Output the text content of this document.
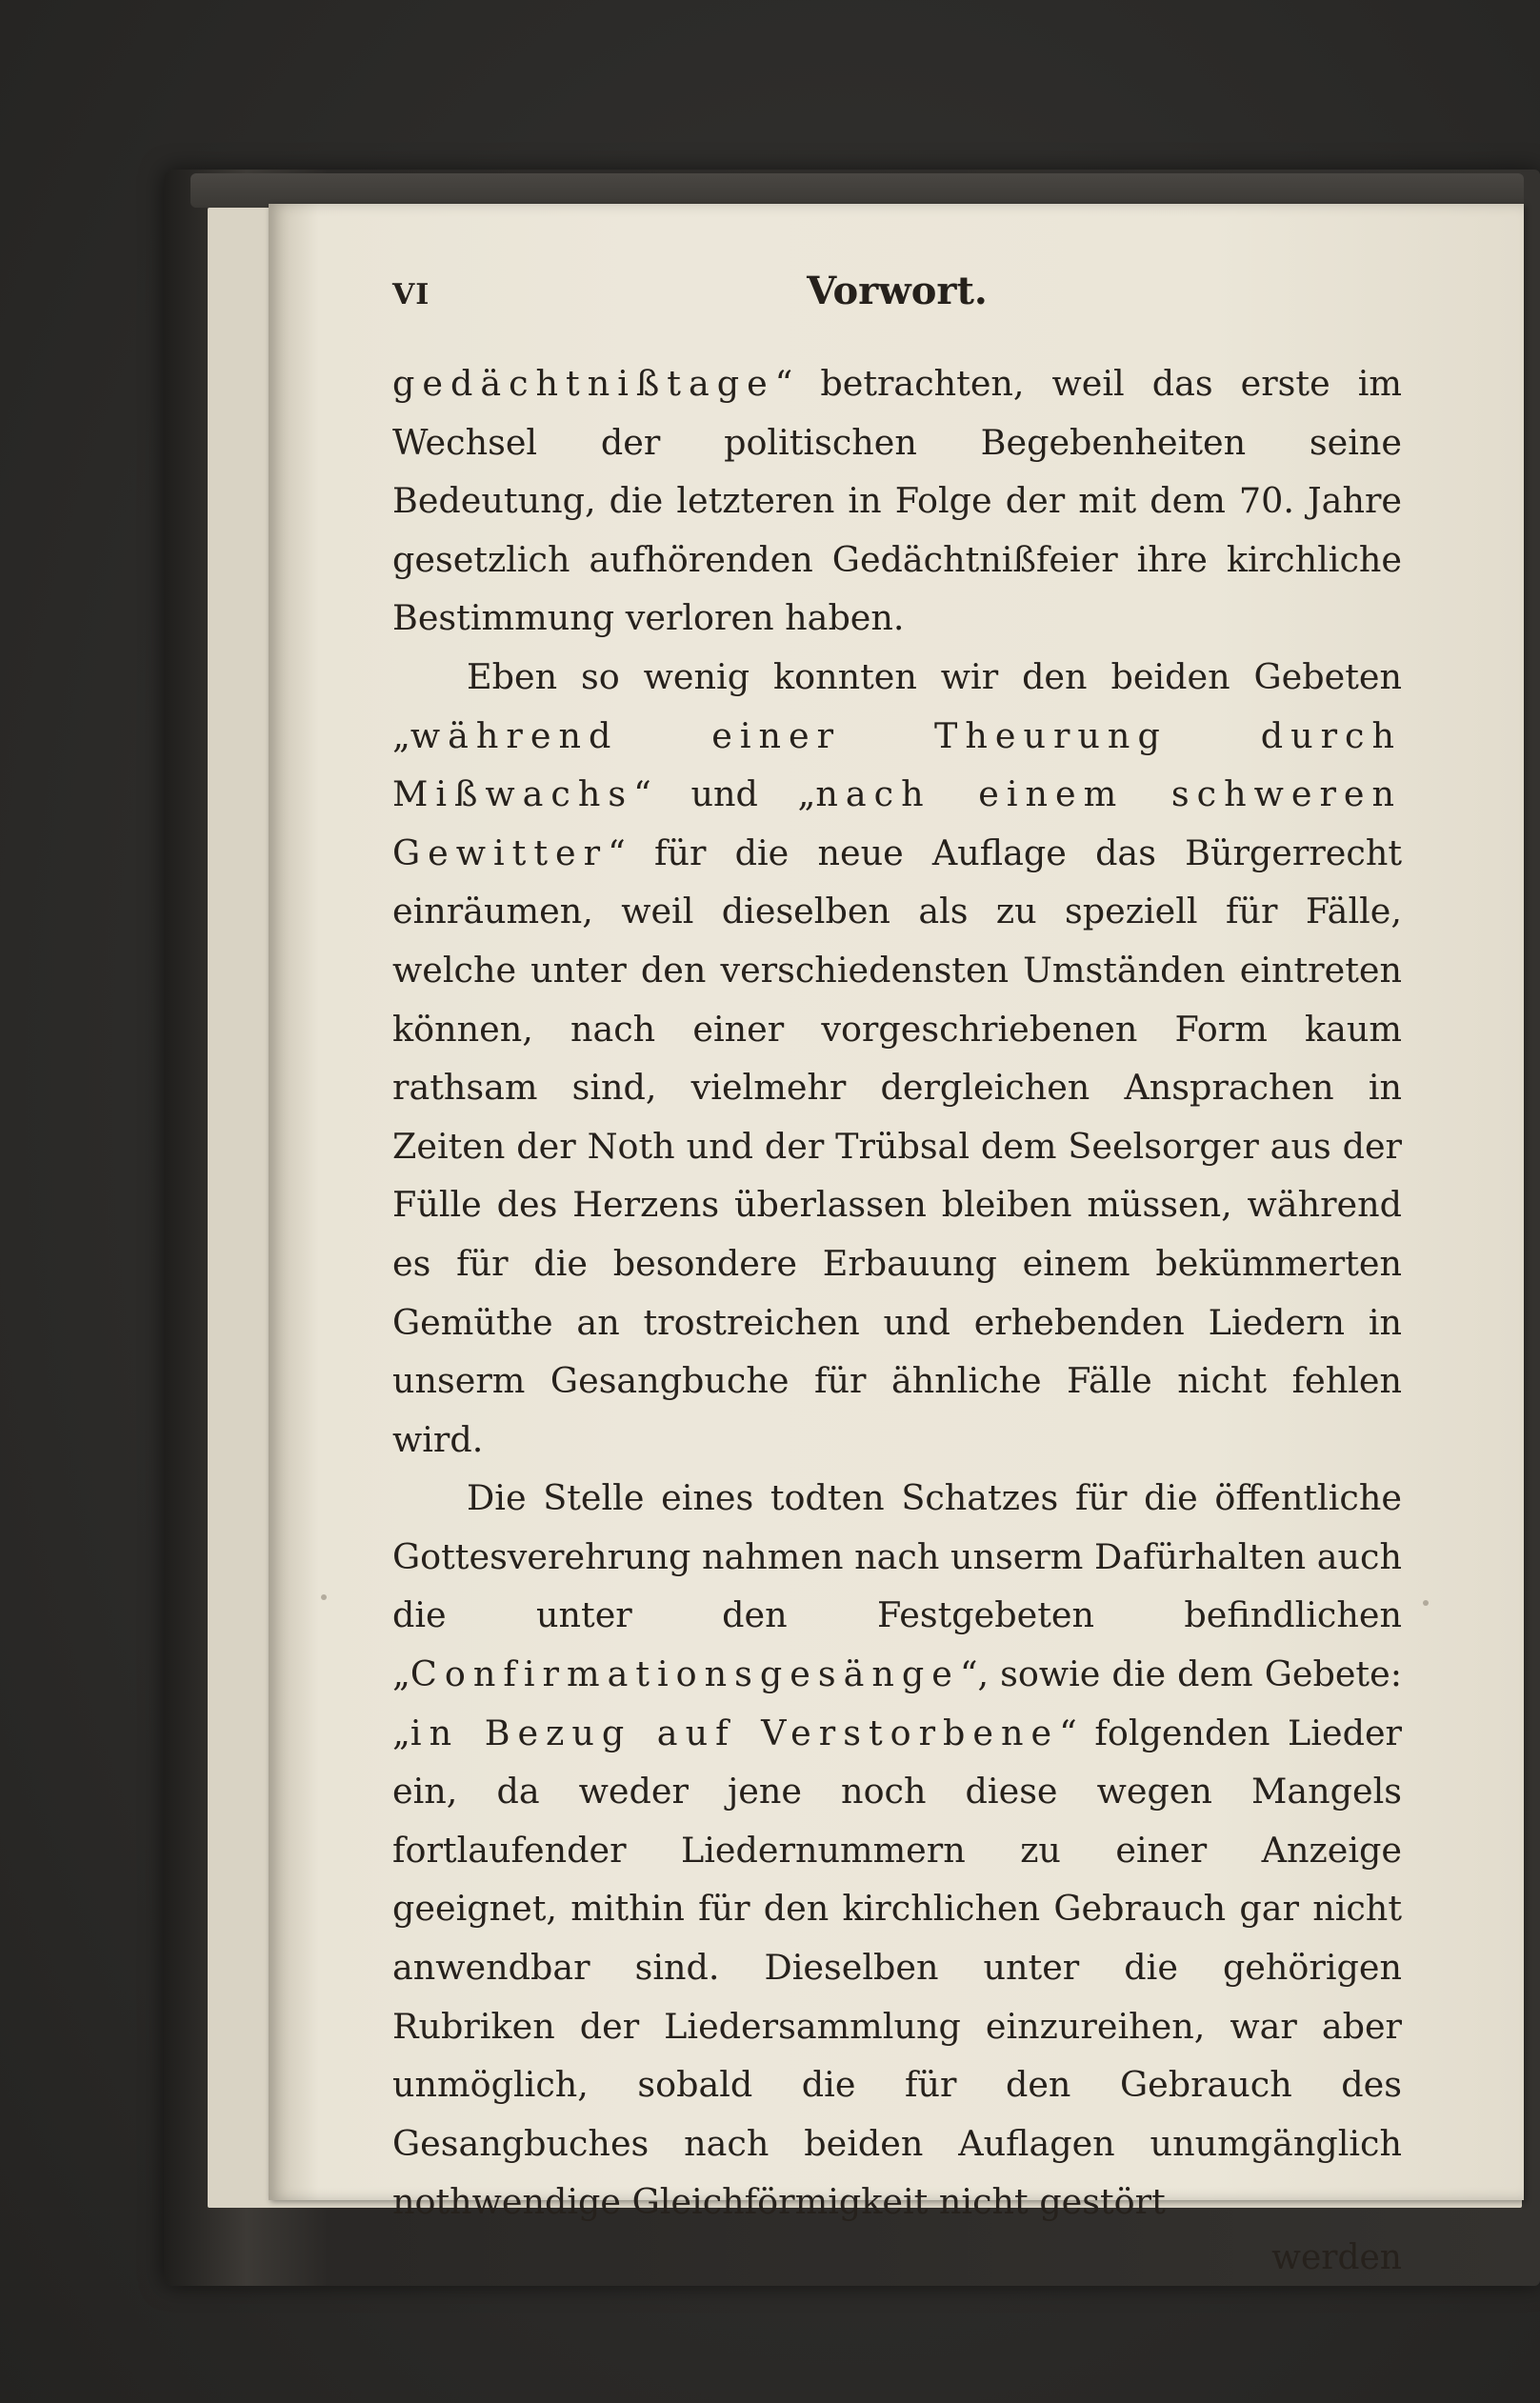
VI	Vorwort.

gedächtnißtage“ betrachten, weil das erste im Wechsel der politischen Begebenheiten seine Bedeutung, die letzteren in Folge der mit dem 70. Jahre gesetzlich aufhörenden Gedächtnißfeier ihre kirchliche Bestimmung verloren haben.

Eben so wenig konnten wir den beiden Gebeten „während einer Theurung durch Mißwachs“ und „nach einem schweren Gewitter“ für die neue Auflage das Bürgerrecht einräumen, weil dieselben als zu speziell für Fälle, welche unter den verschiedensten Umständen eintreten können, nach einer vorgeschriebenen Form kaum rathsam sind, vielmehr dergleichen Ansprachen in Zeiten der Noth und der Trübsal dem Seelsorger aus der Fülle des Herzens überlassen bleiben müssen, während es für die besondere Erbauung einem bekümmerten Gemüthe an trostreichen und erhebenden Liedern in unserm Gesangbuche für ähnliche Fälle nicht fehlen wird.

Die Stelle eines todten Schatzes für die öffentliche Gottesverehrung nahmen nach unserm Dafürhalten auch die unter den Festgebeten befindlichen „Confirmationsgesänge“, sowie die dem Gebete: „in Bezug auf Verstorbene“ folgenden Lieder ein, da weder jene noch diese wegen Mangels fortlaufender Liedernummern zu einer Anzeige geeignet, mithin für den kirchlichen Gebrauch gar nicht anwendbar sind. Dieselben unter die gehörigen Rubriken der Liedersammlung einzureihen, war aber unmöglich, sobald die für den Gebrauch des Gesangbuches nach beiden Auflagen unumgänglich nothwendige Gleichförmigkeit nicht gestört

werden
